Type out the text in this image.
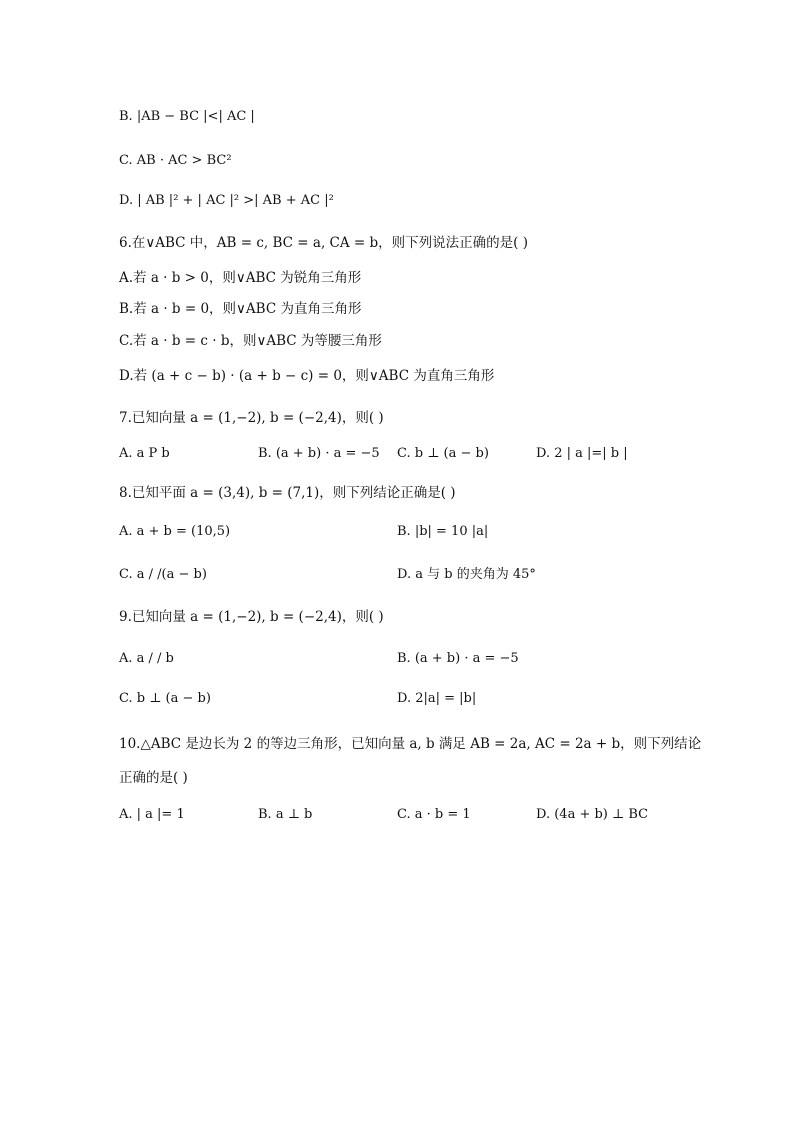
B. |AB − BC |<| AC |
C. AB · AC > BC²
D. | AB |² + | AC |² >| AB + AC |²
6.在∨ABC 中，AB = c, BC = a, CA = b，则下列说法正确的是( )
A.若 a · b > 0，则∨ABC 为锐角三角形
B.若 a · b = 0，则∨ABC 为直角三角形
C.若 a · b = c · b，则∨ABC 为等腰三角形
D.若 (a + c − b) · (a + b − c) = 0，则∨ABC 为直角三角形
7.已知向量 a = (1,−2), b = (−2,4)，则( )
A. a P b	B. (a + b) · a = −5 C. b ⊥ (a − b)	D. 2 | a |=| b |
8.已知平面 a = (3,4), b = (7,1)，则下列结论正确是( )
A. a + b = (10,5)	B. |b| = 10 |a|
C. a / /(a − b)	D. a 与 b 的夹角为 45°
9.已知向量 a = (1,−2), b = (−2,4)，则( )
A. a / / b	B. (a + b) · a = −5
C. b ⊥ (a − b)	D. 2|a| = |b|
10.△ABC 是边长为 2 的等边三角形，已知向量 a, b 满足 AB = 2a, AC = 2a + b，则下列结论
正确的是( )
A. | a |= 1	B. a ⊥ b	C. a · b = 1	D. (4a + b) ⊥ BC
